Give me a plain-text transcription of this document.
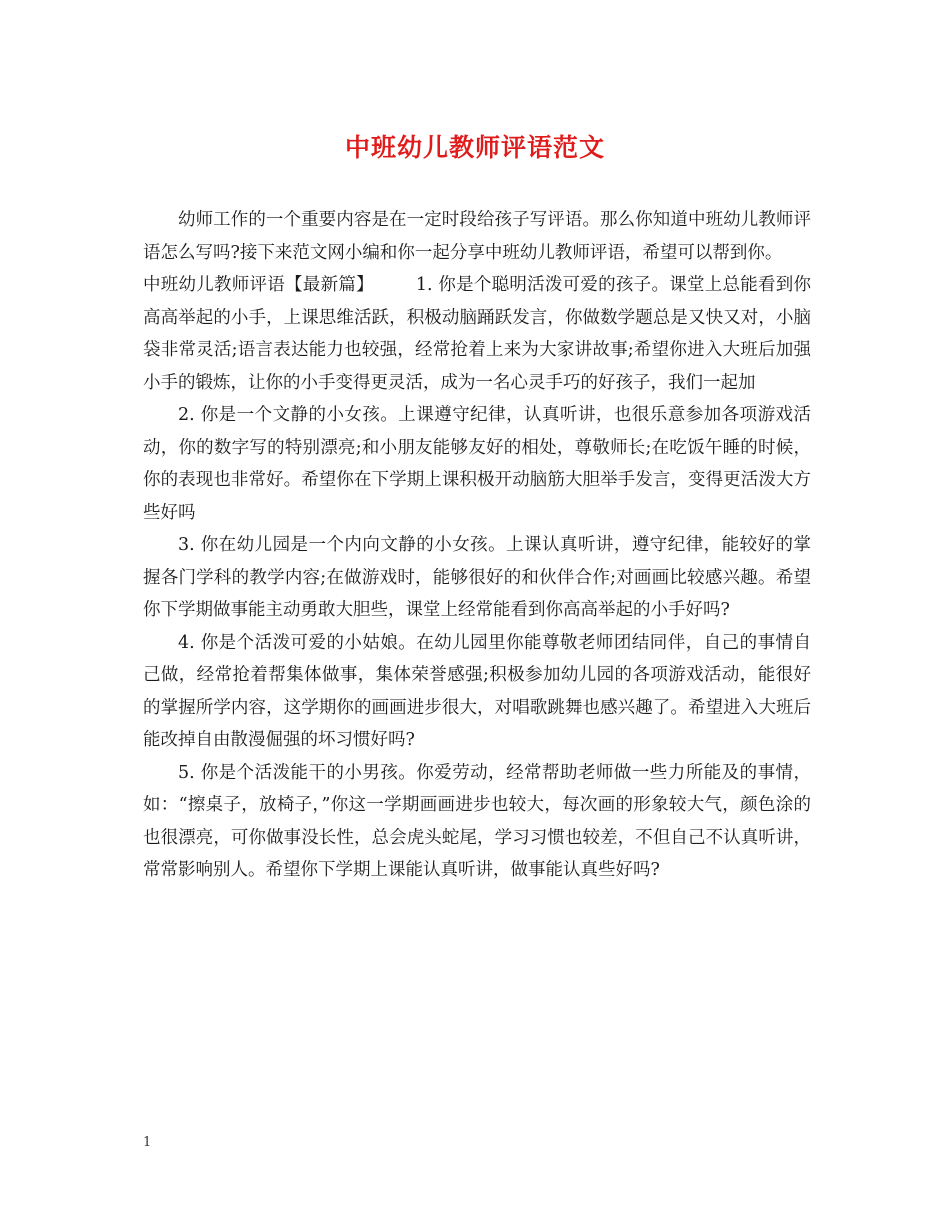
中班幼儿教师评语范文

幼师工作的一个重要内容是在一定时段给孩子写评语。那么你知道中班幼儿教师评语怎么写吗?接下来范文网小编和你一起分享中班幼儿教师评语，希望可以帮到你。

中班幼儿教师评语【最新篇】 1. 你是个聪明活泼可爱的孩子。课堂上总能看到你高高举起的小手，上课思维活跃，积极动脑踊跃发言，你做数学题总是又快又对，小脑袋非常灵活;语言表达能力也较强，经常抢着上来为大家讲故事;希望你进入大班后加强小手的锻炼，让你的小手变得更灵活，成为一名心灵手巧的好孩子，我们一起加

2. 你是一个文静的小女孩。上课遵守纪律，认真听讲，也很乐意参加各项游戏活动，你的数字写的特别漂亮;和小朋友能够友好的相处，尊敬师长;在吃饭午睡的时候，你的表现也非常好。希望你在下学期上课积极开动脑筋大胆举手发言，变得更活泼大方些好吗

3. 你在幼儿园是一个内向文静的小女孩。上课认真听讲，遵守纪律，能较好的掌握各门学科的教学内容;在做游戏时，能够很好的和伙伴合作;对画画比较感兴趣。希望你下学期做事能主动勇敢大胆些，课堂上经常能看到你高高举起的小手好吗?

4. 你是个活泼可爱的小姑娘。在幼儿园里你能尊敬老师团结同伴，自己的事情自己做，经常抢着帮集体做事，集体荣誉感强;积极参加幼儿园的各项游戏活动，能很好的掌握所学内容，这学期你的画画进步很大，对唱歌跳舞也感兴趣了。希望进入大班后能改掉自由散漫倔强的坏习惯好吗?

5. 你是个活泼能干的小男孩。你爱劳动，经常帮助老师做一些力所能及的事情，如：“擦桌子，放椅子，”你这一学期画画进步也较大，每次画的形象较大气，颜色涂的也很漂亮，可你做事没长性，总会虎头蛇尾，学习习惯也较差，不但自己不认真听讲，常常影响别人。希望你下学期上课能认真听讲，做事能认真些好吗?

1
